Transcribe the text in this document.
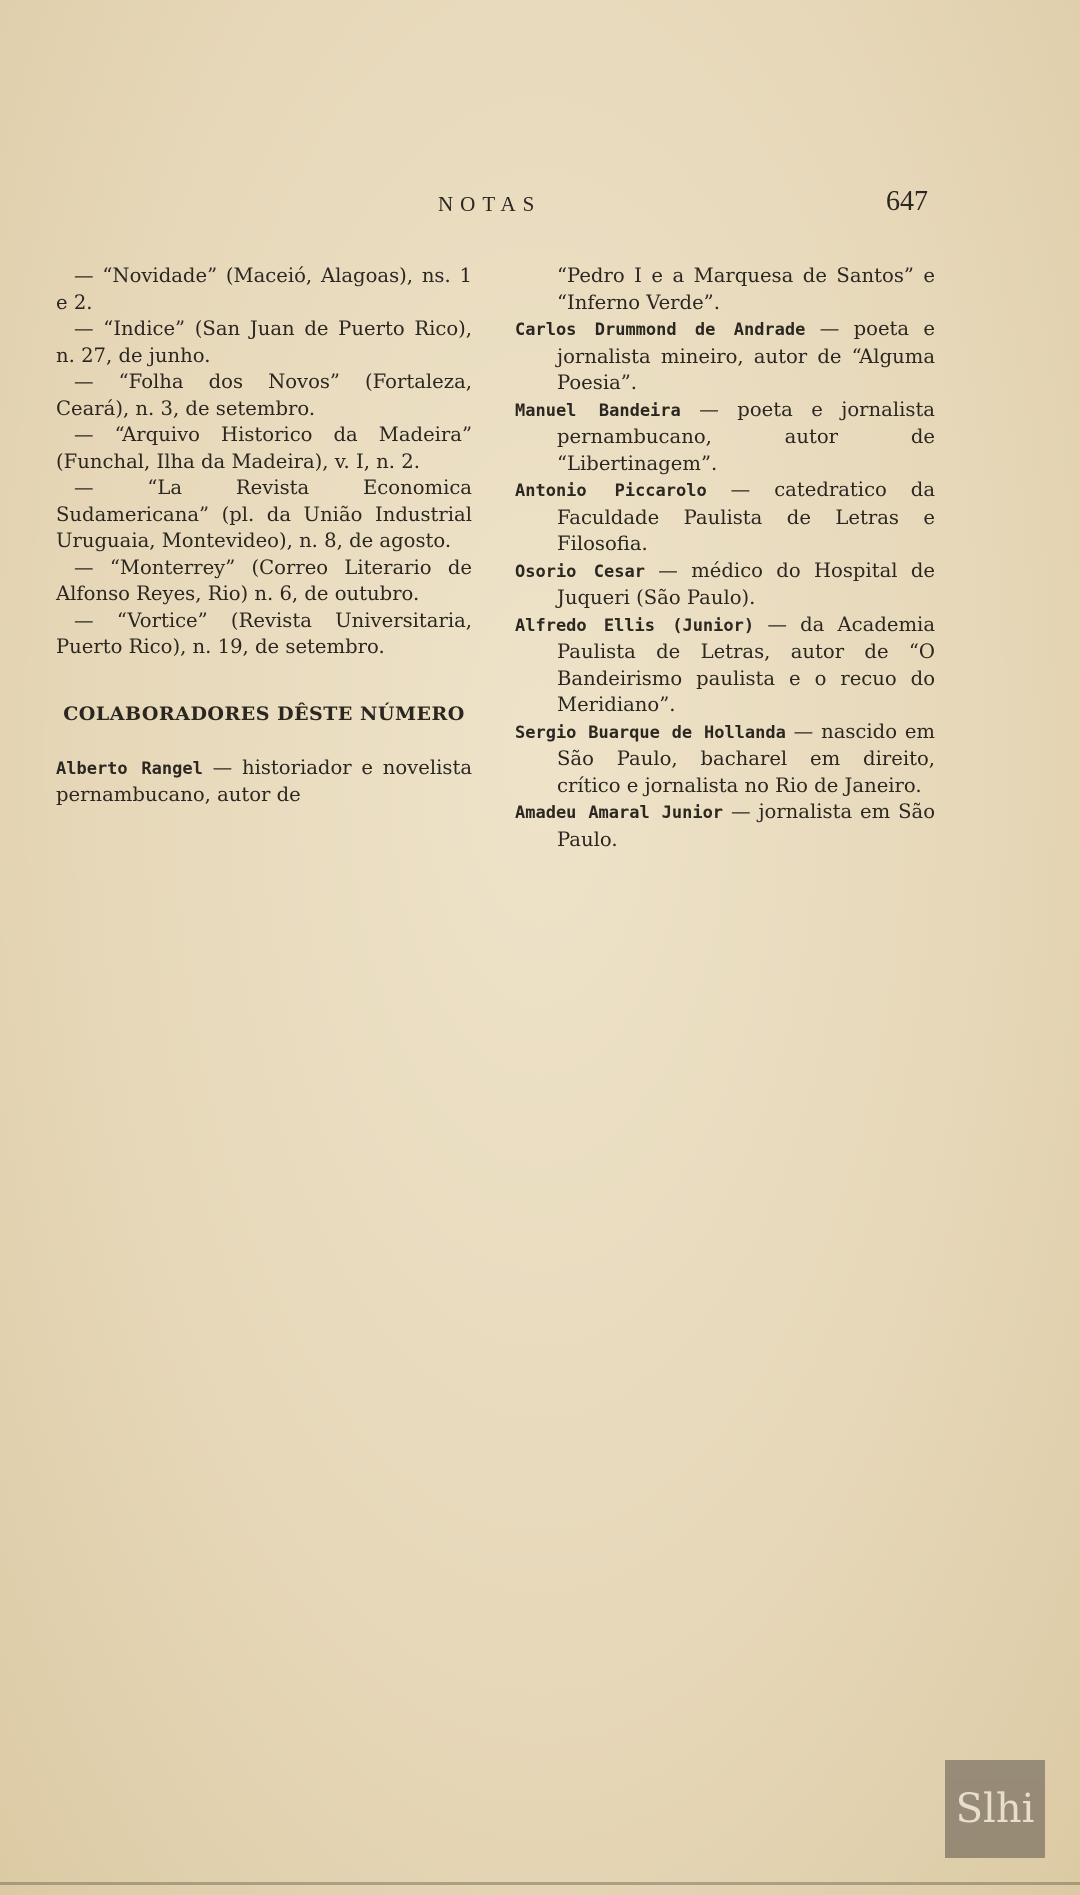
NOTAS	647

— “Novidade” (Maceió, Alagoas), ns. 1 e 2.

— “Indice” (San Juan de Puerto Rico), n. 27, de junho.

— “Folha dos Novos” (Fortaleza, Ceará), n. 3, de setembro.

— “Arquivo Historico da Madeira” (Funchal, Ilha da Madeira), v. I, n. 2.

— “La Revista Economica Sudamericana” (pl. da União Industrial Uruguaia, Montevideo), n. 8, de agosto.

— “Monterrey” (Correo Literario de Alfonso Reyes, Rio) n. 6, de outubro.

— “Vortice” (Revista Universitaria, Puerto Rico), n. 19, de setembro.

COLABORADORES DÊSTE NÚMERO

Alberto Rangel — historiador e novelista pernambucano, autor de

“Pedro I e a Marquesa de Santos” e “Inferno Verde”.

Carlos Drummond de Andrade — poeta e jornalista mineiro, autor de “Alguma Poesia”.

Manuel Bandeira — poeta e jornalista pernambucano, autor de “Libertinagem”.

Antonio Piccarolo — catedratico da Faculdade Paulista de Letras e Filosofia.

Osorio Cesar — médico do Hospital de Juqueri (São Paulo).

Alfredo Ellis (Junior) — da Academia Paulista de Letras, autor de “O Bandeirismo paulista e o recuo do Meridiano”.

Sergio Buarque de Hollanda — nascido em São Paulo, bacharel em direito, crítico e jornalista no Rio de Janeiro.

Amadeu Amaral Junior — jornalista em São Paulo.

Slhi
